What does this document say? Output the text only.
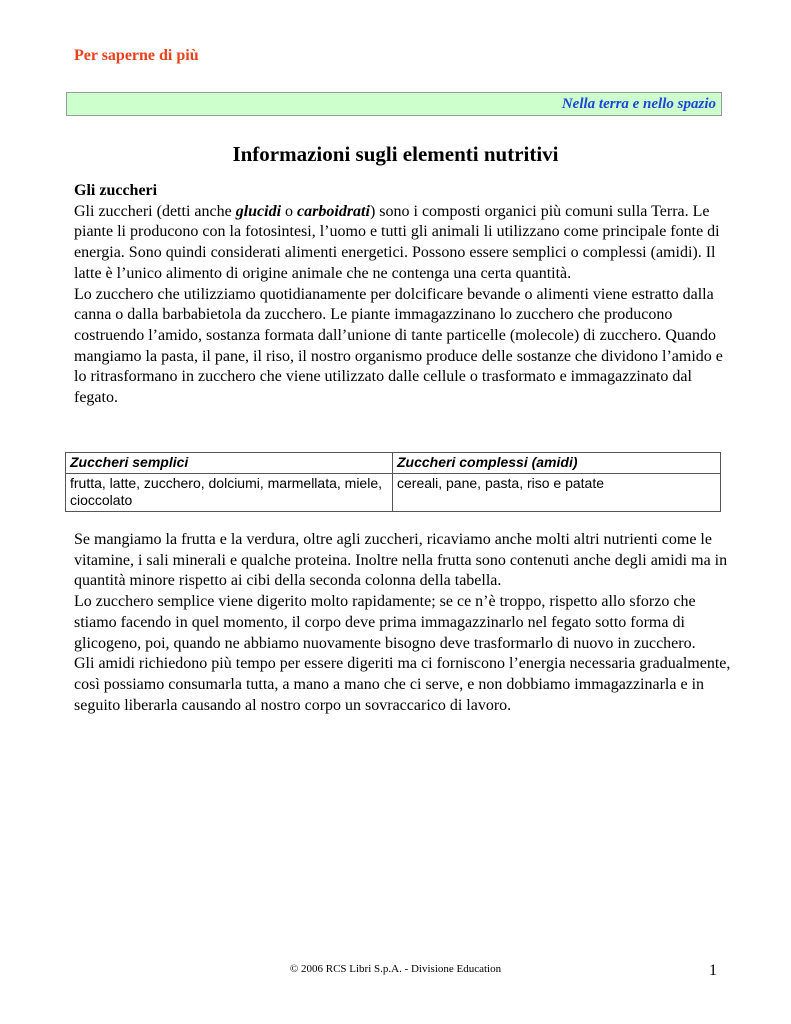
Per saperne di più
Nella terra e nello spazio
Informazioni sugli elementi nutritivi
Gli zuccheri

Gli zuccheri (detti anche glucidi o carboidrati) sono i composti organici più comuni sulla Terra. Le piante li producono con la fotosintesi, l’uomo e tutti gli animali li utilizzano come principale fonte di energia. Sono quindi considerati alimenti energetici. Possono essere semplici o complessi (amidi). Il latte è l’unico alimento di origine animale che ne contenga una certa quantità.

Lo zucchero che utilizziamo quotidianamente per dolcificare bevande o alimenti viene estratto dalla canna o dalla barbabietola da zucchero. Le piante immagazzinano lo zucchero che producono costruendo l’amido, sostanza formata dall’unione di tante particelle (molecole) di zucchero. Quando mangiamo la pasta, il pane, il riso, il nostro organismo produce delle sostanze che dividono l’amido e lo ritrasformano in zucchero che viene utilizzato dalle cellule o trasformato e immagazzinato dal fegato.

Zuccheri semplici	Zuccheri complessi (amidi)
frutta, latte, zucchero, dolciumi, marmellata, miele, cioccolato	cereali, pane, pasta, riso e patate

Se mangiamo la frutta e la verdura, oltre agli zuccheri, ricaviamo anche molti altri nutrienti come le vitamine, i sali minerali e qualche proteina. Inoltre nella frutta sono contenuti anche degli amidi ma in quantità minore rispetto ai cibi della seconda colonna della tabella.

Lo zucchero semplice viene digerito molto rapidamente; se ce n’è troppo, rispetto allo sforzo che stiamo facendo in quel momento, il corpo deve prima immagazzinarlo nel fegato sotto forma di glicogeno, poi, quando ne abbiamo nuovamente bisogno deve trasformarlo di nuovo in zucchero.

Gli amidi richiedono più tempo per essere digeriti ma ci forniscono l’energia necessaria gradualmente, così possiamo consumarla tutta, a mano a mano che ci serve, e non dobbiamo immagazzinarla e in seguito liberarla causando al nostro corpo un sovraccarico di lavoro.

© 2006 RCS Libri S.p.A. - Divisione Education	1
